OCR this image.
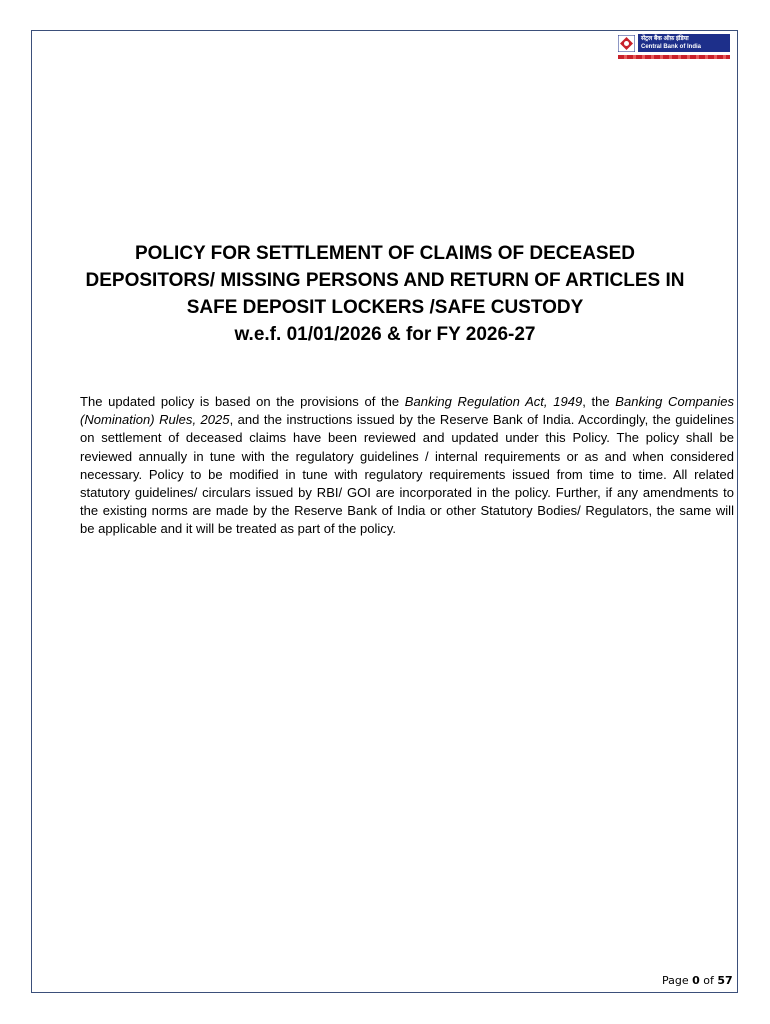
सेंट्रल बैंक ऑफ़ इंडिया
Central Bank of India
POLICY FOR SETTLEMENT OF CLAIMS OF DECEASED
DEPOSITORS/ MISSING PERSONS AND RETURN OF ARTICLES IN
SAFE DEPOSIT LOCKERS /SAFE CUSTODY
w.e.f. 01/01/2026 & for FY 2026-27

The updated policy is based on the provisions of the Banking Regulation Act, 1949, the Banking Companies (Nomination) Rules, 2025, and the instructions issued by the Reserve Bank of India. Accordingly, the guidelines on settlement of deceased claims have been reviewed and updated under this Policy. The policy shall be reviewed annually in tune with the regulatory guidelines / internal requirements or as and when considered necessary. Policy to be modified in tune with regulatory requirements issued from time to time. All related statutory guidelines/ circulars issued by RBI/ GOI are incorporated in the policy. Further, if any amendments to the existing norms are made by the Reserve Bank of India or other Statutory Bodies/ Regulators, the same will be applicable and it will be treated as part of the policy.

Page 0 of 57
